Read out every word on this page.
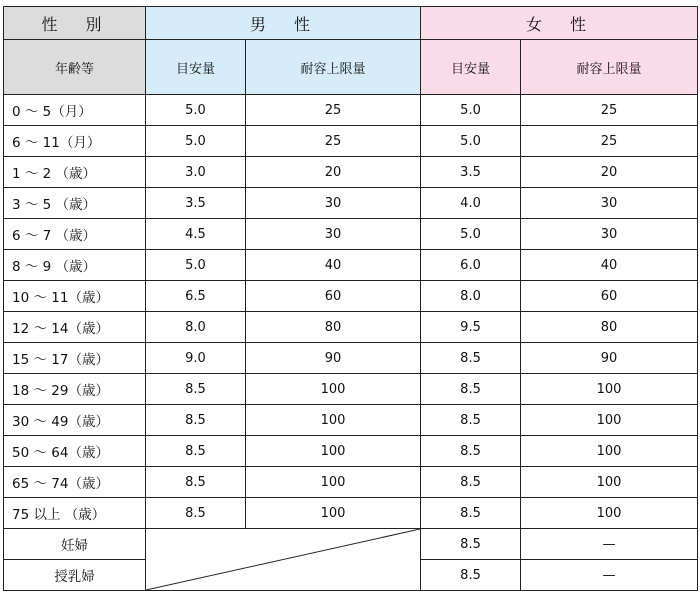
性　別	男　性		女　性	
年齢等	目安量	耐容上限量	目安量	耐容上限量
0 ～ 5（月）	5.0	25	5.0	25
6 ～ 11（月）	5.0	25	5.0	25
1 ～ 2 （歳）	3.0	20	3.5	20
3 ～ 5 （歳）	3.5	30	4.0	30
6 ～ 7 （歳）	4.5	30	5.0	30
8 ～ 9 （歳）	5.0	40	6.0	40
10 ～ 11（歳）	6.5	60	8.0	60
12 ～ 14（歳）	8.0	80	9.5	80
15 ～ 17（歳）	9.0	90	8.5	90
18 ～ 29（歳）	8.5	100	8.5	100
30 ～ 49（歳）	8.5	100	8.5	100
50 ～ 64（歳）	8.5	100	8.5	100
65 ～ 74（歳）	8.5	100	8.5	100
75 以上 （歳）	8.5	100	8.5	100
妊婦			8.5	—
授乳婦			8.5	—
